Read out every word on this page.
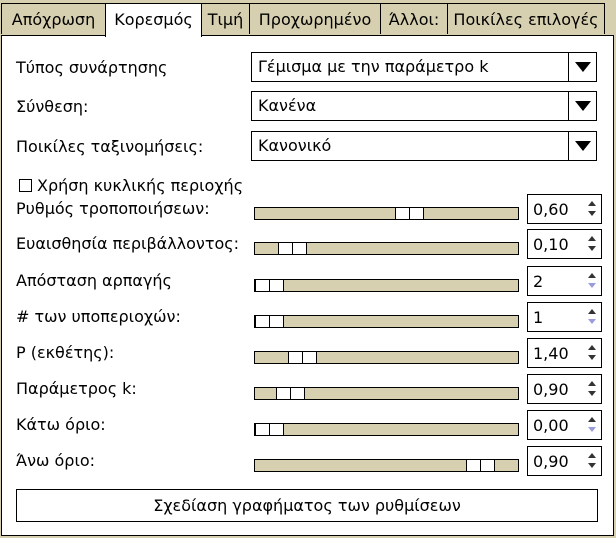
Απόχρωση	Κορεσμός Τιμή Προχωρημένο	Άλλοι: Ποικίλες επιλογές
Τύπος συνάρτησης	Γέμισμα με την παράμετρο k
Σύνθεση:	Κανένα
Ποικίλες ταξινομήσεις:	Κανονικό
Χρήση κυκλικής περιοχής
Ρυθμός τροποποιήσεων:	0,60
Ευαισθησία περιβάλλοντος:	0,10
Απόσταση αρπαγής	2
# των υποπεριοχών:	1
P (εκθέτης):	1,40
Παράμετρος k:	0,90
Κάτω όριο:	0,00
Άνω όριο:	0,90
Σχεδίαση γραφήματος των ρυθμίσεων
